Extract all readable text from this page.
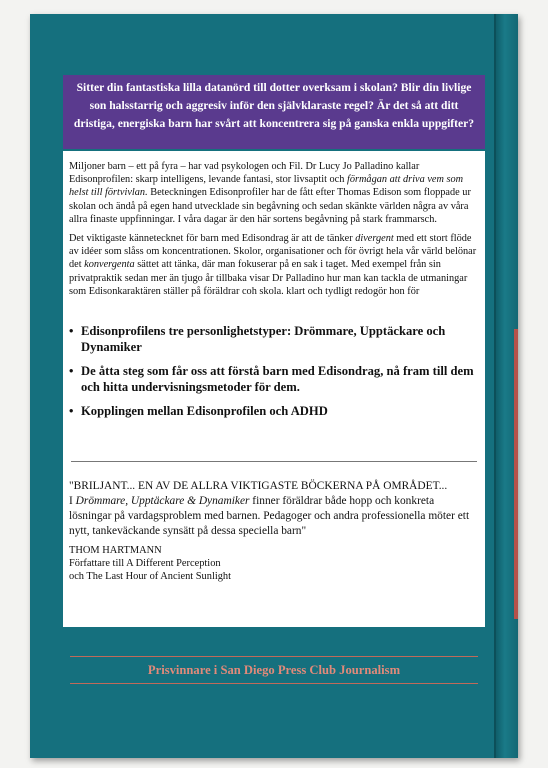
Sitter din fantastiska lilla datanörd till dotter overksam i skolan? Blir din livlige son halsstarrig och aggresiv inför den självklaraste regel? Är det så att ditt dristiga, energiska barn har svårt att koncentrera sig på ganska enkla uppgifter?

Miljoner barn – ett på fyra – har vad psykologen och Fil. Dr Lucy Jo Palladino kallar Edisonprofilen: skarp intelligens, levande fantasi, stor livsaptit och förmågan att driva vem som helst till förtvivlan. Beteckningen Edisonprofiler har de fått efter Thomas Edison som floppade ur skolan och ändå på egen hand utvecklade sin begåvning och sedan skänkte världen några av våra allra finaste uppfinningar. I våra dagar är den här sortens begåvning på stark frammarsch.

Det viktigaste kännetecknet för barn med Edisondrag är att de tänker divergent med ett stort flöde av idéer som slåss om koncentrationen. Skolor, organisationer och för övrigt hela vår värld belönar det konvergenta sättet att tänka, där man fokuserar på en sak i taget. Med exempel från sin privatpraktik sedan mer än tjugo år tillbaka visar Dr Palladino hur man kan tackla de utmaningar som Edisonkaraktären ställer på föräldrar coh skola. klart och tydligt redogör hon för

• Edisonprofilens tre personlighetstyper: Drömmare, Upptäckare och Dynamiker
• De åtta steg som får oss att förstå barn med Edisondrag, nå fram till dem och hitta undervisningsmetoder för dem.
• Kopplingen mellan Edisonprofilen och ADHD
"BRILJANT... EN AV DE ALLRA VIKTIGASTE BÖCKERNA PÅ OMRÅDET...
I Drömmare, Upptäckare & Dynamiker finner föräldrar både hopp och konkreta lösningar på vardagsproblem med barnen. Pedagoger och andra professionella möter ett nytt, tankeväckande synsätt på dessa speciella barn"
THOM HARTMANN
Författare till A Different Perception
och The Last Hour of Ancient Sunlight
Prisvinnare i San Diego Press Club Journalism
